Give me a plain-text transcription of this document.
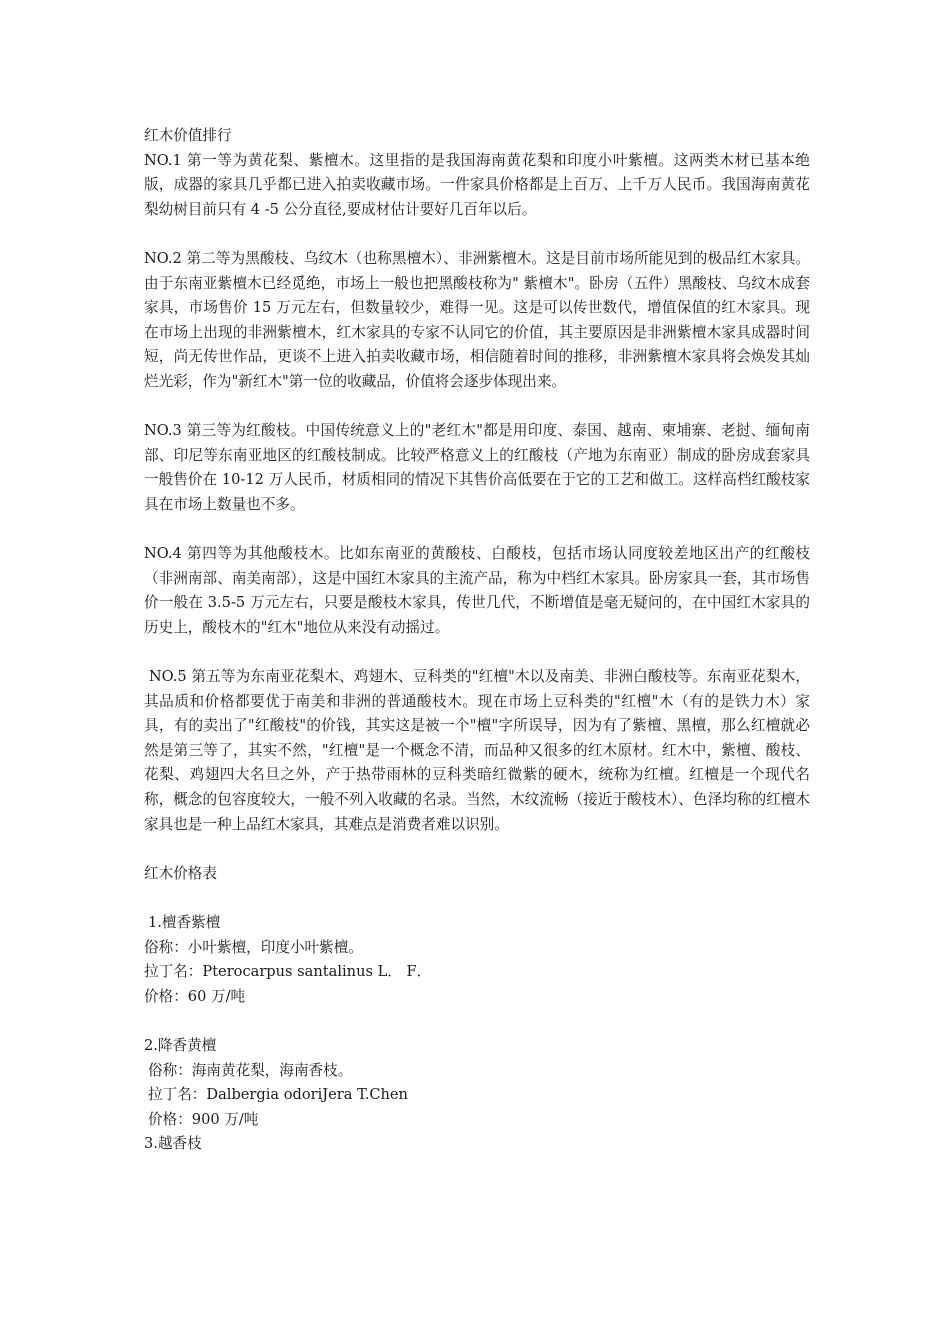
红木价值排行

NO.1 第一等为黄花梨、紫檀木。这里指的是我国海南黄花梨和印度小叶紫檀。这两类木材已基本绝版，成器的家具几乎都已进入拍卖收藏市场。一件家具价格都是上百万、上千万人民币。我国海南黄花梨幼树目前只有 4 -5 公分直径,要成材估计要好几百年以后。

NO.2 第二等为黑酸枝、乌纹木（也称黑檀木）、非洲紫檀木。这是目前市场所能见到的极品红木家具。由于东南亚紫檀木已经觅绝，市场上一般也把黑酸枝称为" 紫檀木"。卧房（五件）黑酸枝、乌纹木成套家具，市场售价 15 万元左右，但数量较少，难得一见。这是可以传世数代，增值保值的红木家具。现在市场上出现的非洲紫檀木，红木家具的专家不认同它的价值，其主要原因是非洲紫檀木家具成器时间短，尚无传世作品，更谈不上进入拍卖收藏市场，相信随着时间的推移，非洲紫檀木家具将会焕发其灿烂光彩，作为"新红木"第一位的收藏品，价值将会逐步体现出来。

NO.3 第三等为红酸枝。中国传统意义上的"老红木"都是用印度、泰国、越南、柬埔寨、老挝、缅甸南部、印尼等东南亚地区的红酸枝制成。比较严格意义上的红酸枝（产地为东南亚）制成的卧房成套家具一般售价在 10-12 万人民币，材质相同的情况下其售价高低要在于它的工艺和做工。这样高档红酸枝家具在市场上数量也不多。

NO.4 第四等为其他酸枝木。比如东南亚的黄酸枝、白酸枝，包括市场认同度较差地区出产的红酸枝（非洲南部、南美南部），这是中国红木家具的主流产品，称为中档红木家具。卧房家具一套，其市场售价一般在 3.5-5 万元左右，只要是酸枝木家具，传世几代，不断增值是毫无疑问的，在中国红木家具的历史上，酸枝木的"红木"地位从来没有动摇过。

NO.5 第五等为东南亚花梨木、鸡翅木、豆科类的"红檀"木以及南美、非洲白酸枝等。东南亚花梨木，其品质和价格都要优于南美和非洲的普通酸枝木。现在市场上豆科类的"红檀"木（有的是铁力木）家具，有的卖出了"红酸枝"的价钱，其实这是被一个"檀"字所误导，因为有了紫檀、黑檀，那么红檀就必然是第三等了，其实不然，"红檀"是一个概念不清，而品种又很多的红木原材。红木中，紫檀、酸枝、花梨、鸡翅四大名旦之外，产于热带雨林的豆科类暗红微紫的硬木，统称为红檀。红檀是一个现代名称，概念的包容度较大，一般不列入收藏的名录。当然，木纹流畅（接近于酸枝木）、色泽均称的红檀木家具也是一种上品红木家具，其难点是消费者难以识别。

红木价格表

1.檀香紫檀

俗称：小叶紫檀，印度小叶紫檀。

拉丁名：Pterocarpus santalinus L． F．

价格：60 万/吨

2.降香黄檀

俗称：海南黄花梨，海南香枝。

拉丁名：Dalbergia odoriJera T.Chen

价格：900 万/吨

3.越香枝
